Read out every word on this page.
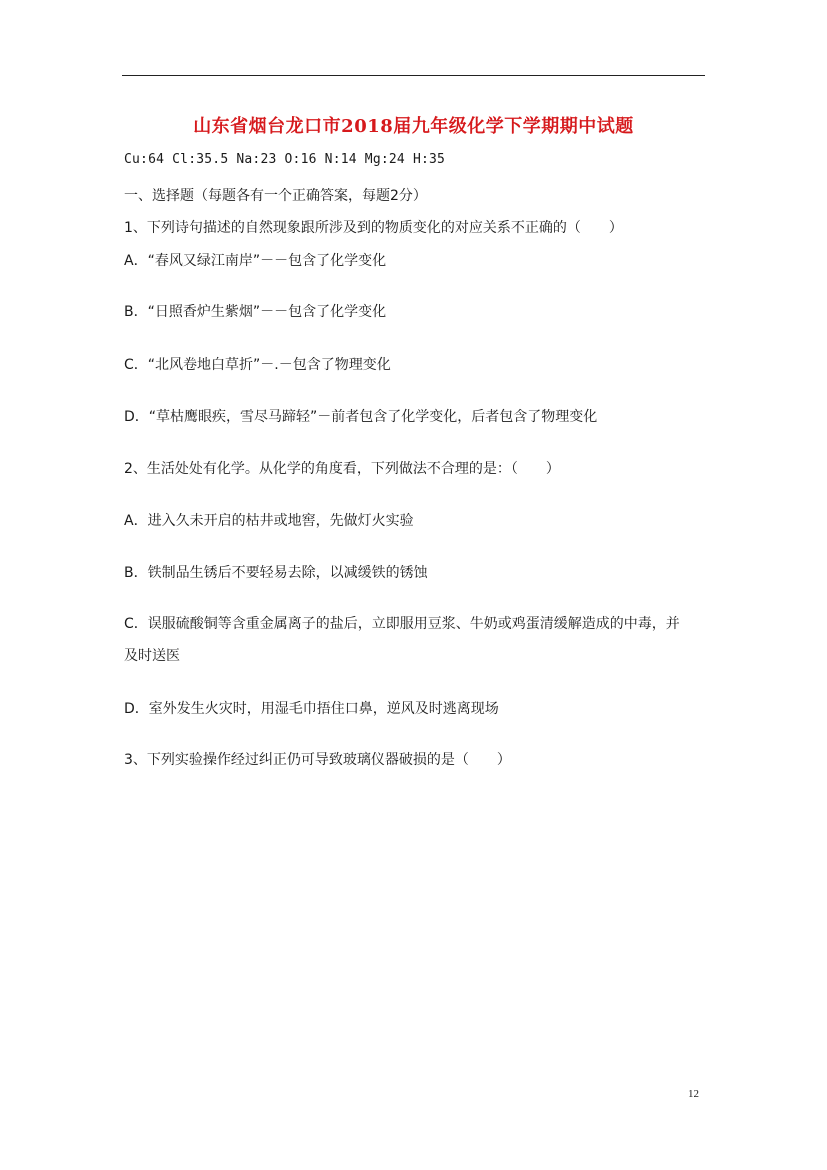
山东省烟台龙口市2018届九年级化学下学期期中试题
Cu:64 Cl:35.5 Na:23 O:16 N:14 Mg:24 H:35
一、选择题（每题各有一个正确答案，每题2分）
1、下列诗句描述的自然现象跟所涉及到的物质变化的对应关系不正确的（　　）
A．“春风又绿江南岸”－－包含了化学变化
B．“日照香炉生紫烟”－－包含了化学变化
C．“北风卷地白草折”－.－包含了物理变化
D．“草枯鹰眼疾，雪尽马蹄轻”－前者包含了化学变化，后者包含了物理变化
2、生活处处有化学。从化学的角度看，下列做法不合理的是：（　　）
A．进入久未开启的枯井或地窖，先做灯火实验
B．铁制品生锈后不要轻易去除，以减缓铁的锈蚀
C．误服硫酸铜等含重金属离子的盐后，立即服用豆浆、牛奶或鸡蛋清缓解造成的中毒，并
及时送医
D．室外发生火灾时，用湿毛巾捂住口鼻，逆风及时逃离现场
3、下列实验操作经过纠正仍可导致玻璃仪器破损的是（　　）
12
